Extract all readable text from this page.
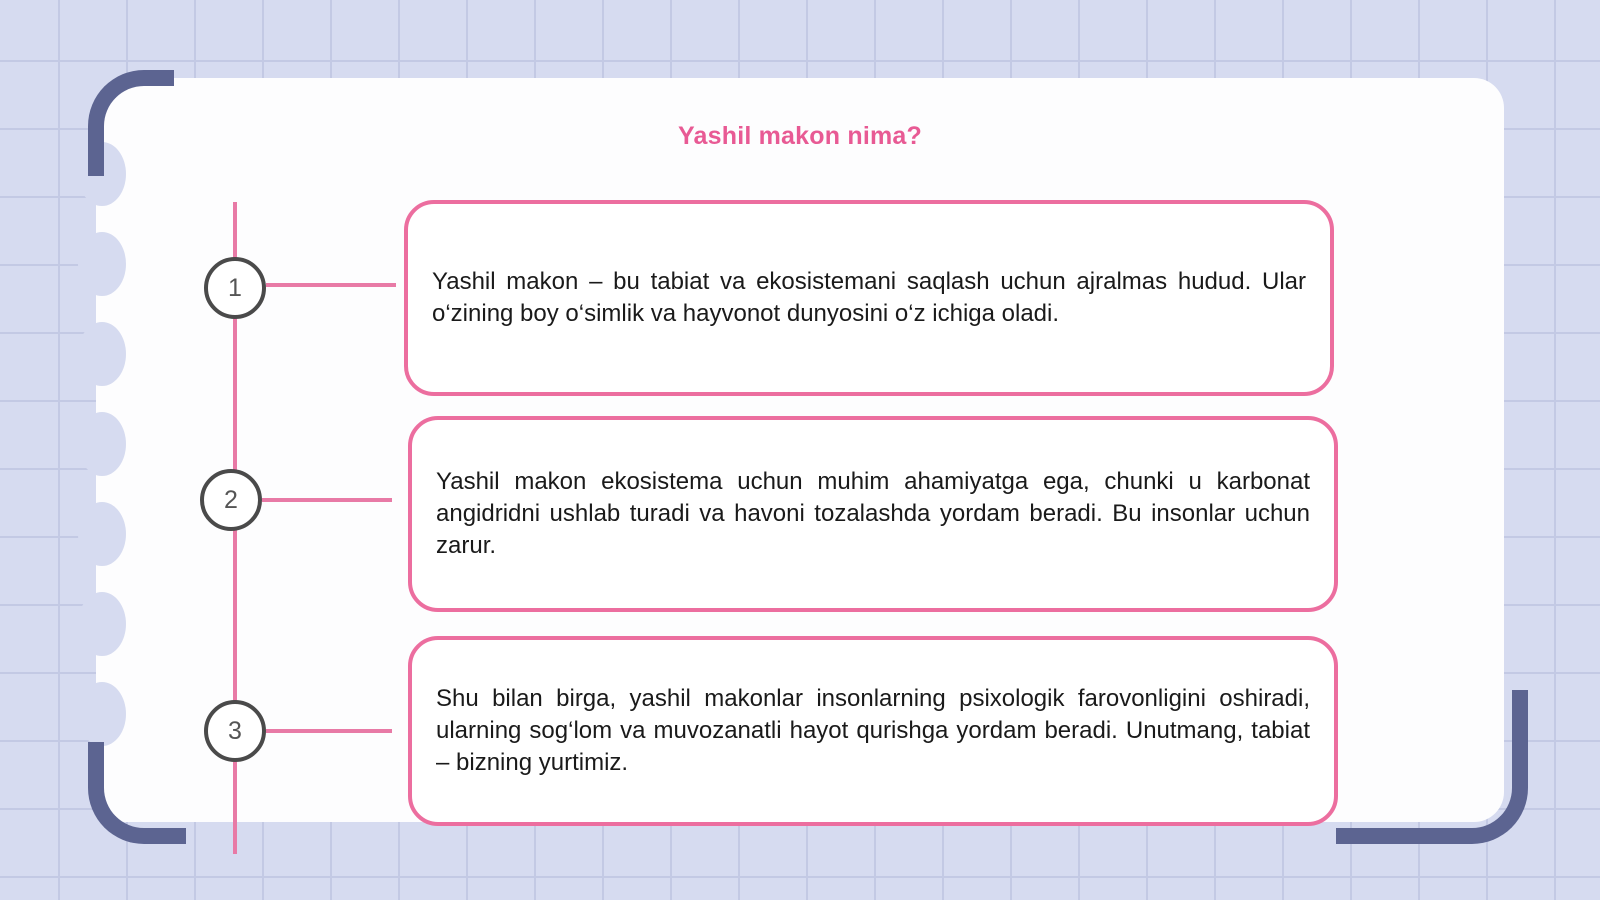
Yashil makon nima?
1
2
3
Yashil makon – bu tabiat va ekosistemani saqlash uchun ajralmas hudud. Ular o‘zining boy o‘simlik va hayvonot dunyosini o‘z ichiga oladi.
Yashil makon ekosistema uchun muhim ahamiyatga ega, chunki u karbonat angidridni ushlab turadi va havoni tozalashda yordam beradi. Bu insonlar uchun zarur.
Shu bilan birga, yashil makonlar insonlarning psixologik farovonligini oshiradi, ularning sog‘lom va muvozanatli hayot qurishga yordam beradi. Unutmang, tabiat – bizning yurtimiz.
